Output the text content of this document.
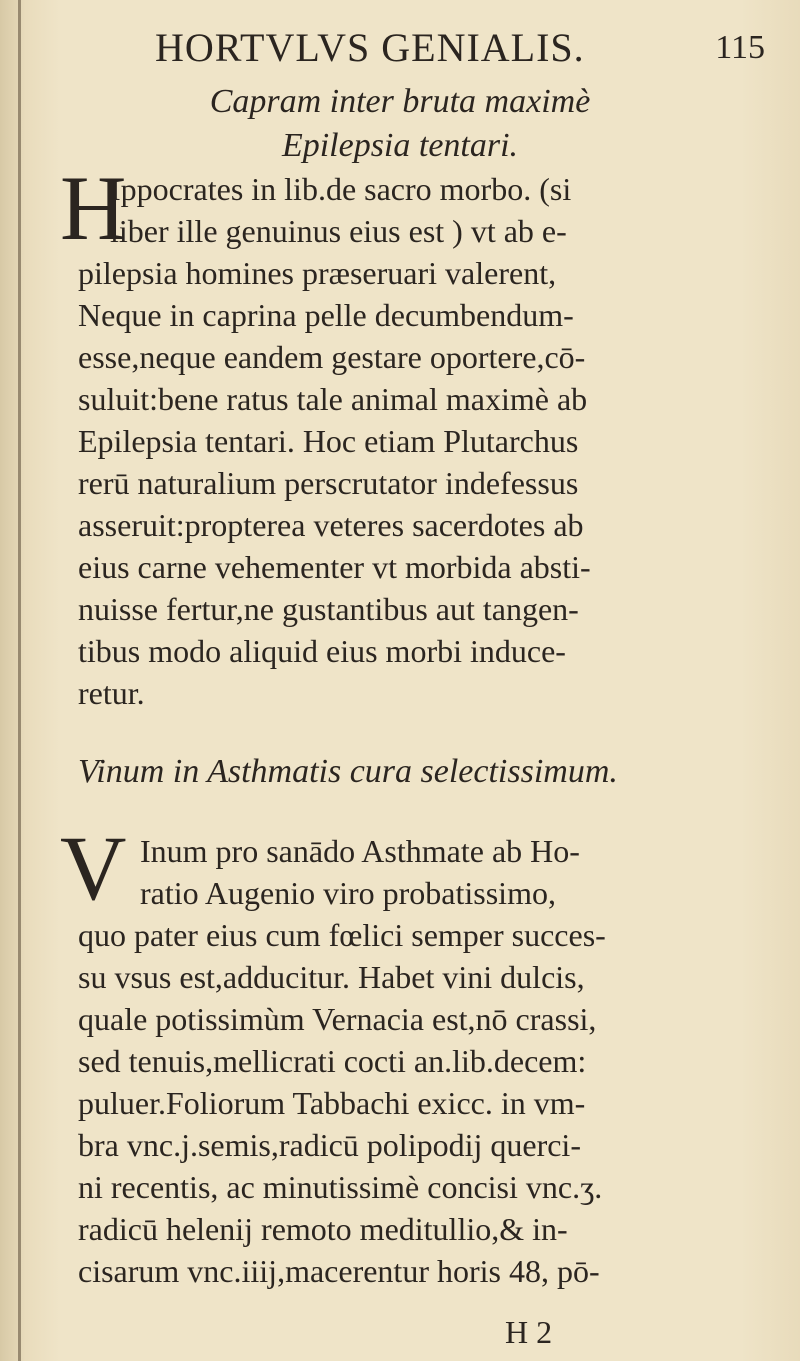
HORTVLVS GENIALIS.	115
Capram inter bruta maximè
Epilepsia tentari.
H
Ippocrates in lib.de sacro morbo. (si
liber ille genuinus eius est ) vt ab e-
pilepsia homines præseruari valerent,
Neque in caprina pelle decumbendum-
esse,neque eandem gestare oportere,cō-
suluit:bene ratus tale animal maximè ab
Epilepsia tentari. Hoc etiam Plutarchus
rerū naturalium perscrutator indefessus
asseruit:propterea veteres sacerdotes ab
eius carne vehementer vt morbida absti-
nuisse fertur,ne gustantibus aut tangen-
tibus modo aliquid eius morbi induce-
retur.
Vinum in Asthmatis cura selectissimum.
V Inum pro sanādo Asthmate ab Ho-
ratio Augenio viro probatissimo,
quo pater eius cum fœlici semper succes-
su vsus est,adducitur. Habet vini dulcis,
quale potissimùm Vernacia est,nō crassi,
sed tenuis,mellicrati cocti an.lib.decem:
puluer.Foliorum Tabbachi exicc. in vm-
bra vnc.j.semis,radicū polipodij querci-
ni recentis, ac minutissimè concisi vnc.ʒ.
radicū helenij remoto meditullio,& in-
cisarum vnc.iiij,macerentur horis 48, pō-
H 2
